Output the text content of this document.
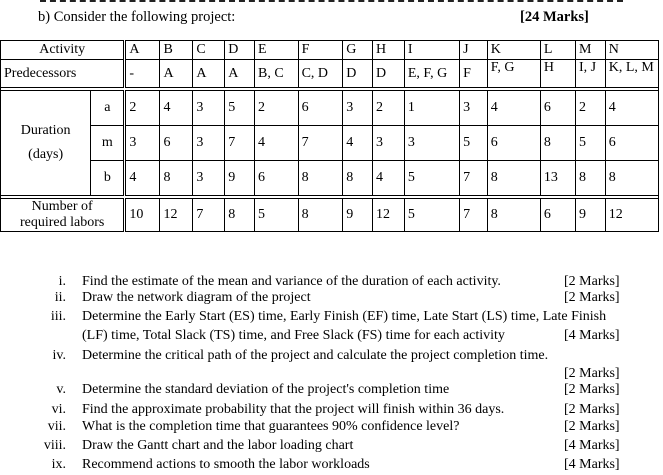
b) Consider the following project:	[24 Marks]
Activity		A	B	C	D	E	F	G	H	I	J	K	L	M	N
Predecessors		-	A	A	A	B, C	C, D	D	D	E, F, G	F	F, G	H	I, J	K, L, M

Duration
(days)	a	2	4	3	5	2	6	3	2	1	3	4	6	2	4
	m	3	6	3	7	4	7	4	3	3	5	6	8	5	6
	b	4	8	3	9	6	8	8	4	5	7	8	13	8	8

Number of
required labors		10	12	7	8	5	8	9	12	5	7	8	6	9	12
i. Find the estimate of the mean and variance of the duration of each activity.	[2 Marks]
ii. Draw the network diagram of the project	[2 Marks]
iii. Determine the Early Start (ES) time, Early Finish (EF) time, Late Start (LS) time, Late Finish
(LF) time, Total Slack (TS) time, and Free Slack (FS) time for each activity	[4 Marks]
iv. Determine the critical path of the project and calculate the project completion time.
[2 Marks]
v. Determine the standard deviation of the project's completion time	[2 Marks]
vi. Find the approximate probability that the project will finish within 36 days.	[2 Marks]
vii. What is the completion time that guarantees 90% confidence level?	[2 Marks]
viii. Draw the Gantt chart and the labor loading chart	[4 Marks]
ix. Recommend actions to smooth the labor workloads	[4 Marks]
